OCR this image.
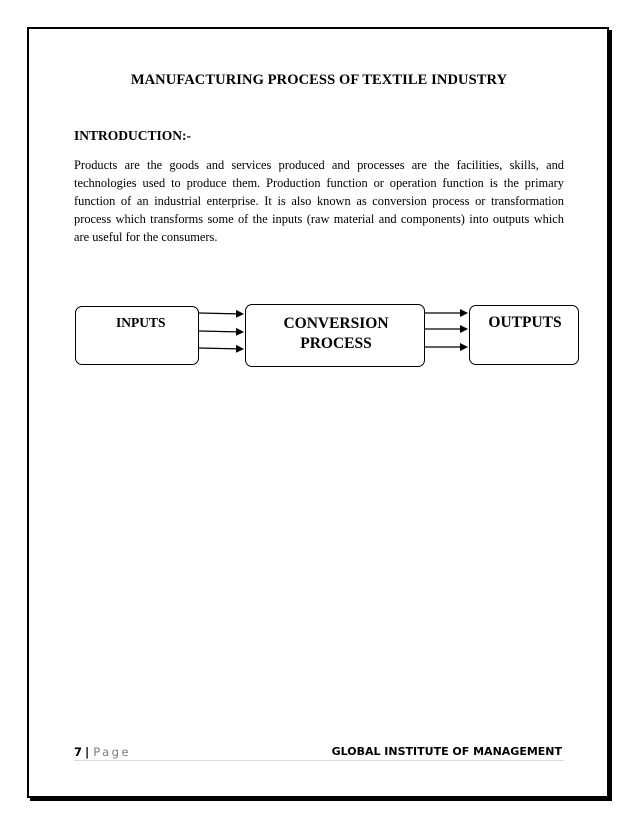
MANUFACTURING PROCESS OF TEXTILE INDUSTRY
INTRODUCTION:-

Products are the goods and services produced and processes are the facilities, skills, and technologies used to produce them. Production function or operation function is the primary function of an industrial enterprise. It is also known as conversion process or transformation process which transforms some of the inputs (raw material and components) into outputs which are useful for the consumers.

INPUTS	CONVERSION
PROCESS
OUTPUTS
7 | Page	GLOBAL INSTITUTE OF MANAGEMENT
